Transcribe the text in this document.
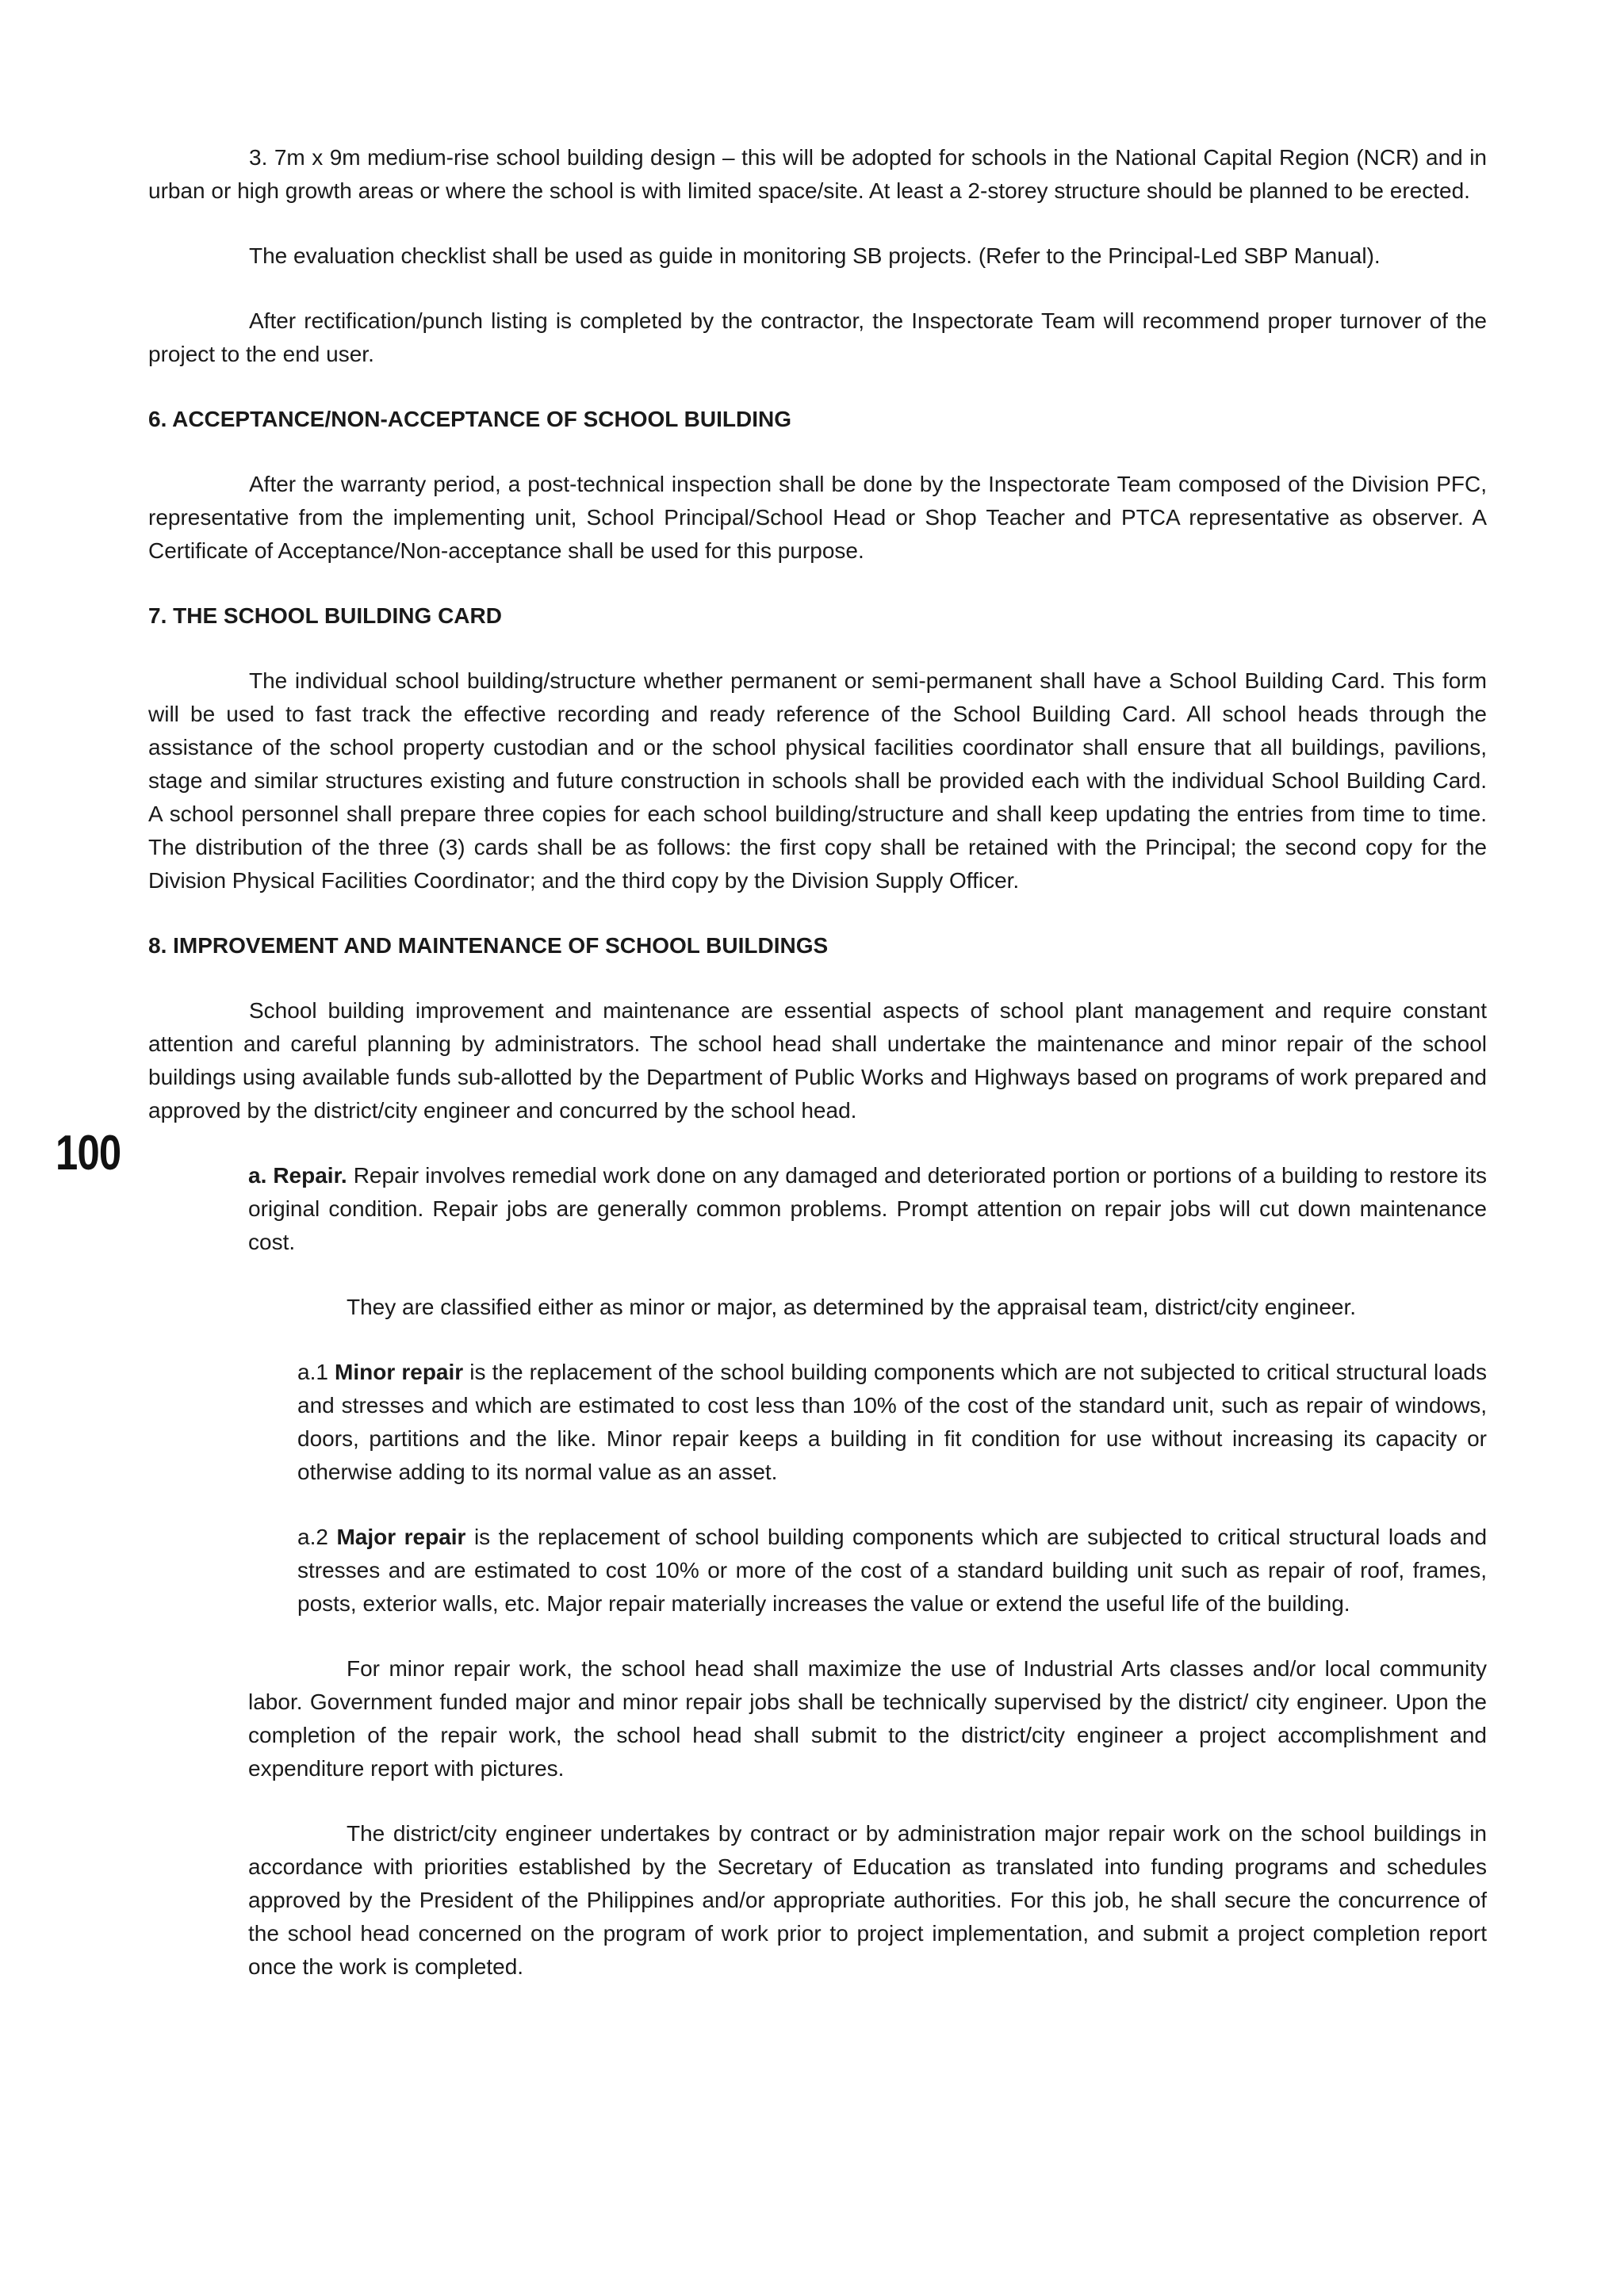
100

3. 7m x 9m medium-rise school building design – this will be adopted for schools in the National Capital Region (NCR) and in urban or high growth areas or where the school is with limited space/site. At least a 2-storey structure should be planned to be erected.

The evaluation checklist shall be used as guide in monitoring SB projects. (Refer to the Principal-Led SBP Manual).

After rectification/punch listing is completed by the contractor, the Inspectorate Team will recommend proper turnover of the project to the end user.

6. ACCEPTANCE/NON-ACCEPTANCE OF SCHOOL BUILDING

After the warranty period, a post-technical inspection shall be done by the Inspectorate Team composed of the Division PFC, representative from the implementing unit, School Principal/School Head or Shop Teacher and PTCA representative as observer. A Certificate of Acceptance/Non-acceptance shall be used for this purpose.

7. THE SCHOOL BUILDING CARD

The individual school building/structure whether permanent or semi-permanent shall have a School Building Card. This form will be used to fast track the effective recording and ready reference of the School Building Card. All school heads through the assistance of the school property custodian and or the school physical facilities coordinator shall ensure that all buildings, pavilions, stage and similar structures existing and future construction in schools shall be provided each with the individual School Building Card. A school personnel shall prepare three copies for each school building/structure and shall keep updating the entries from time to time. The distribution of the three (3) cards shall be as follows: the first copy shall be retained with the Principal; the second copy for the Division Physical Facilities Coordinator; and the third copy by the Division Supply Officer.

8. IMPROVEMENT AND MAINTENANCE OF SCHOOL BUILDINGS

School building improvement and maintenance are essential aspects of school plant management and require constant attention and careful planning by administrators. The school head shall undertake the maintenance and minor repair of the school buildings using available funds sub-allotted by the Department of Public Works and Highways based on programs of work prepared and approved by the district/city engineer and concurred by the school head.

a. Repair. Repair involves remedial work done on any damaged and deteriorated portion or portions of a building to restore its original condition. Repair jobs are generally common problems. Prompt attention on repair jobs will cut down maintenance cost.

They are classified either as minor or major, as determined by the appraisal team, district/city engineer.

a.1 Minor repair is the replacement of the school building components which are not subjected to critical structural loads and stresses and which are estimated to cost less than 10% of the cost of the standard unit, such as repair of windows, doors, partitions and the like. Minor repair keeps a building in fit condition for use without increasing its capacity or otherwise adding to its normal value as an asset.

a.2 Major repair is the replacement of school building components which are subjected to critical structural loads and stresses and are estimated to cost 10% or more of the cost of a standard building unit such as repair of roof, frames, posts, exterior walls, etc. Major repair materially increases the value or extend the useful life of the building.

For minor repair work, the school head shall maximize the use of Industrial Arts classes and/or local community labor. Government funded major and minor repair jobs shall be technically supervised by the district/ city engineer. Upon the completion of the repair work, the school head shall submit to the district/city engineer a project accomplishment and expenditure report with pictures.

The district/city engineer undertakes by contract or by administration major repair work on the school buildings in accordance with priorities established by the Secretary of Education as translated into funding programs and schedules approved by the President of the Philippines and/or appropriate authorities. For this job, he shall secure the concurrence of the school head concerned on the program of work prior to project implementation, and submit a project completion report once the work is completed.
